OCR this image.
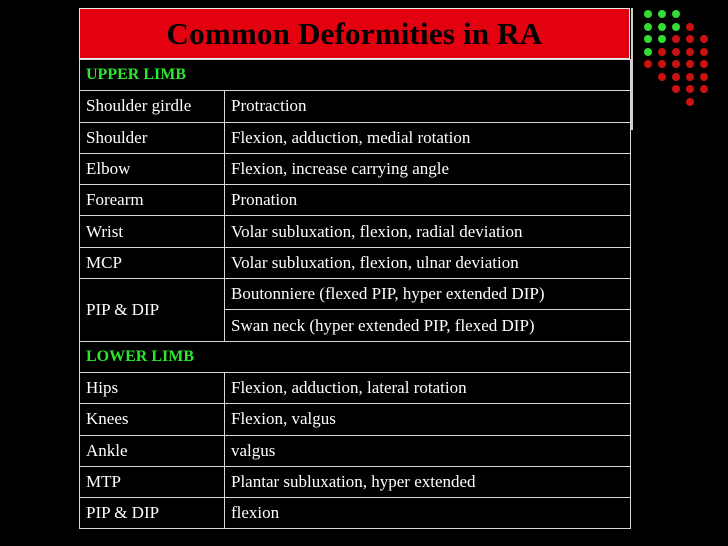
Common Deformities in RA
UPPER LIMB	
Shoulder girdle	Protraction
Shoulder	Flexion, adduction, medial rotation
Elbow	Flexion, increase carrying angle
Forearm	Pronation
Wrist	Volar subluxation, flexion, radial deviation
MCP	Volar subluxation, flexion, ulnar deviation
PIP & DIP	Boutonniere (flexed PIP, hyper extended DIP)
	Swan neck (hyper extended PIP, flexed DIP)
LOWER LIMB	
Hips	Flexion, adduction, lateral rotation
Knees	Flexion, valgus
Ankle	valgus
MTP	Plantar subluxation, hyper extended
PIP & DIP	flexion
